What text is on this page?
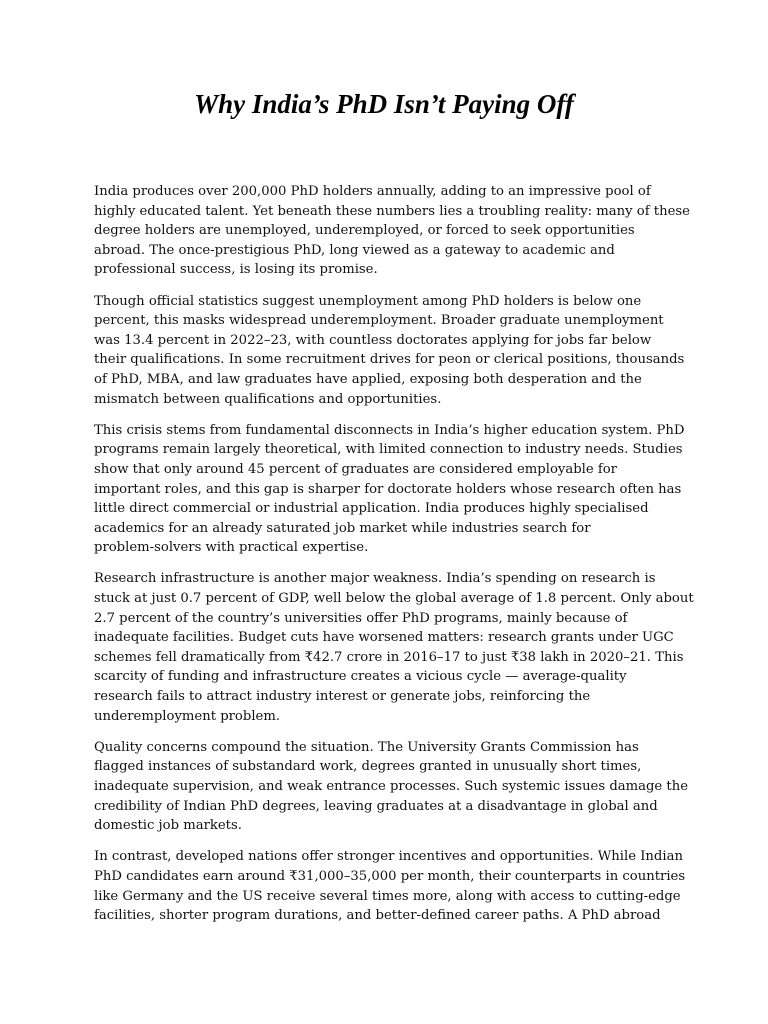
Why India’s PhD Isn’t Paying Off

India produces over 200,000 PhD holders annually, adding to an impressive pool of
highly educated talent. Yet beneath these numbers lies a troubling reality: many of these
degree holders are unemployed, underemployed, or forced to seek opportunities
abroad. The once-prestigious PhD, long viewed as a gateway to academic and
professional success, is losing its promise.

Though official statistics suggest unemployment among PhD holders is below one
percent, this masks widespread underemployment. Broader graduate unemployment
was 13.4 percent in 2022–23, with countless doctorates applying for jobs far below
their qualifications. In some recruitment drives for peon or clerical positions, thousands
of PhD, MBA, and law graduates have applied, exposing both desperation and the
mismatch between qualifications and opportunities.

This crisis stems from fundamental disconnects in India’s higher education system. PhD
programs remain largely theoretical, with limited connection to industry needs. Studies
show that only around 45 percent of graduates are considered employable for
important roles, and this gap is sharper for doctorate holders whose research often has
little direct commercial or industrial application. India produces highly specialised
academics for an already saturated job market while industries search for
problem-solvers with practical expertise.

Research infrastructure is another major weakness. India’s spending on research is
stuck at just 0.7 percent of GDP, well below the global average of 1.8 percent. Only about
2.7 percent of the country’s universities offer PhD programs, mainly because of
inadequate facilities. Budget cuts have worsened matters: research grants under UGC
schemes fell dramatically from ₹42.7 crore in 2016–17 to just ₹38 lakh in 2020–21. This
scarcity of funding and infrastructure creates a vicious cycle — average-quality
research fails to attract industry interest or generate jobs, reinforcing the
underemployment problem.

Quality concerns compound the situation. The University Grants Commission has
flagged instances of substandard work, degrees granted in unusually short times,
inadequate supervision, and weak entrance processes. Such systemic issues damage the
credibility of Indian PhD degrees, leaving graduates at a disadvantage in global and
domestic job markets.

In contrast, developed nations offer stronger incentives and opportunities. While Indian
PhD candidates earn around ₹31,000–35,000 per month, their counterparts in countries
like Germany and the US receive several times more, along with access to cutting-edge
facilities, shorter program durations, and better-defined career paths. A PhD abroad
